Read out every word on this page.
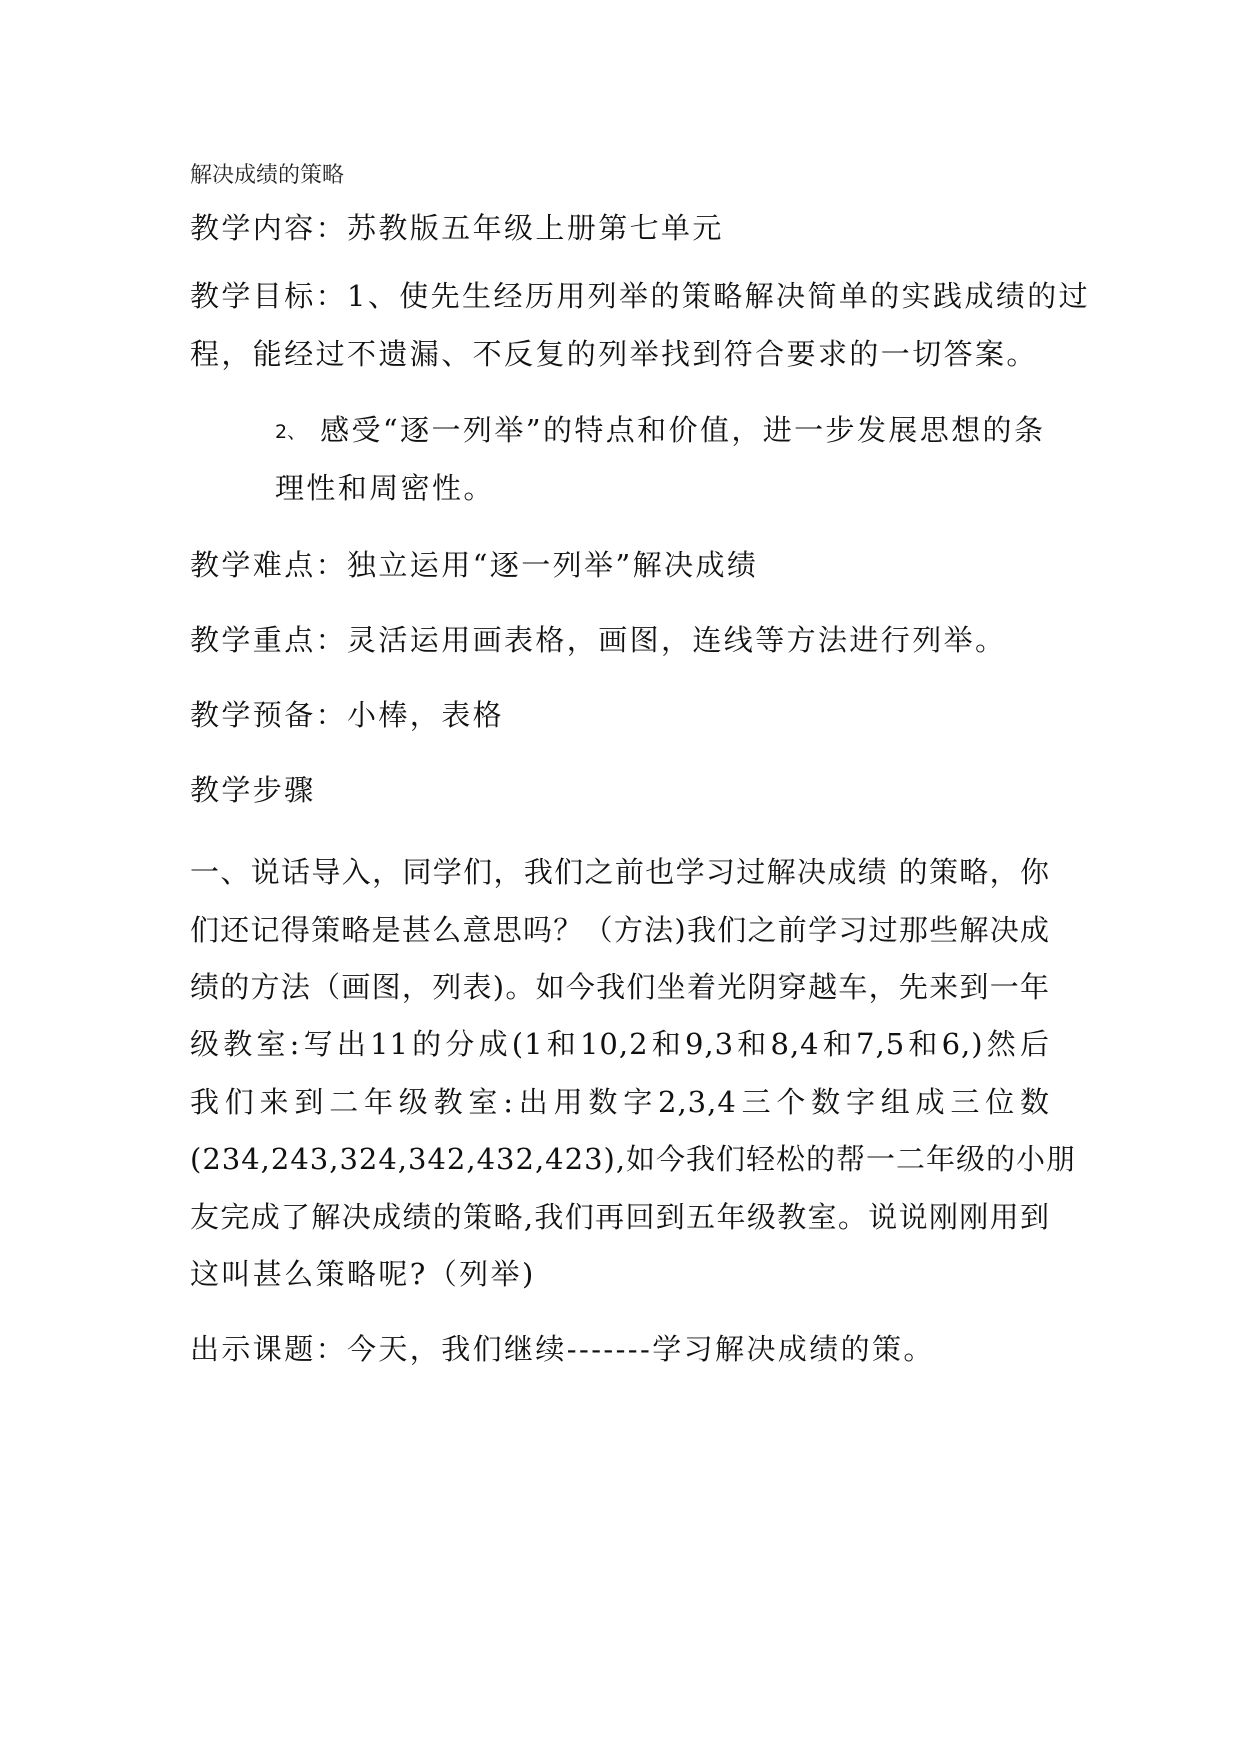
解决成绩的策略
教学内容：苏教版五年级上册第七单元
教学目标：1、使先生经历用列举的策略解决简单的实践成绩的过
程，能经过不遗漏、不反复的列举找到符合要求的一切答案。
2、 感受“逐一列举”的特点和价值，进一步发展思想的条
理性和周密性。
教学难点：独立运用“逐一列举”解决成绩
教学重点：灵活运用画表格，画图，连线等方法进行列举。
教学预备：小棒，表格
教学步骤
一、说话导入，同学们，我们之前也学习过解决成绩 的策略，你
们还记得策略是甚么意思吗？（方法)我们之前学习过那些解决成
绩的方法（画图，列表)。如今我们坐着光阴穿越车，先来到一年
级教室:写出11的分成(1和10,2和9,3和8,4和7,5和6,)然后
我们来到二年级教室:出用数字2,3,4三个数字组成三位数
(234,243,324,342,432,423),如今我们轻松的帮一二年级的小朋
友完成了解决成绩的策略,我们再回到五年级教室。说说刚刚用到
这叫甚么策略呢?（列举)
出示课题：今天，我们继续-------学习解决成绩的策。
